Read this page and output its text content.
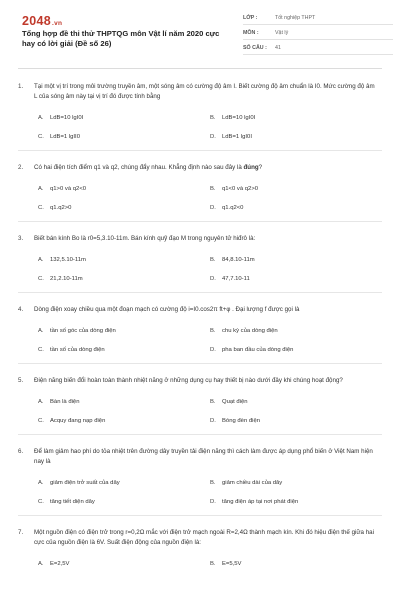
2048.vn
Tổng hợp đề thi thử THPTQG môn Vật lí năm 2020 cực hay có lời giải (Đề số 26)
LỚP :	Tốt nghiệp THPT
MÔN :	Vật lý
SỐ CÂU :	41
1.	Tại một vị trí trong môi trường truyền âm, một sóng âm có cường độ âm I. Biết cường độ âm chuẩn là I0. Mức cường độ âm L của sóng âm này tại vị trí đó được tính bằng
A.	LdB=10 lgI0I	B.	LdB=10 lgI0I
C.	LdB=1 lgII0	D.	LdB=1 lgI0I
2.	Có hai điện tích điểm q1 và q2, chúng đẩy nhau. Khẳng định nào sau đây là đúng?
A.	q1>0 và q2<0	B.	q1<0 và q2>0
C.	q1.q2>0	D.	q1.q2<0
3.	Biết bán kính Bo là r0=5,3.10-11m. Bán kính quỹ đạo M trong nguyên tử hiđrô là:
A.	132,5.10-11m	B.	84,8.10-11m
C.	21,2.10-11m	D.	47,7.10-11
4.	Dòng điện xoay chiều qua một đoạn mạch có cường độ i=I0.cos2π ft+φ . Đại lượng f được gọi là
A.	tần số góc của dòng điện	B.	chu kỳ của dòng điện
C.	tần số của dòng điện	D.	pha ban đầu của dòng điện
5.	Điện năng biến đổi hoàn toàn thành nhiệt năng ở những dụng cụ hay thiết bị nào dưới đây khi chúng hoạt động?
A.	Bàn là điện	B.	Quạt điện
C.	Acquy đang nạp điện	D.	Bóng đèn điện
6.	Để làm giảm hao phí do tỏa nhiệt trên đường dây truyền tải điện năng thì cách làm được áp dụng phổ biến ở Việt Nam hiện nay là
A.	giảm điện trở suất của dây	B.	giảm chiều dài của dây
C.	tăng tiết diện dây	D.	tăng điện áp tại nơi phát điện
7.	Một nguồn điện có điện trở trong r=0,2Ω mắc với điện trở mạch ngoài R=2,4Ω thành mạch kín. Khi đó hiệu điện thế giữa hai cực của nguồn điện là 6V. Suất điện động của nguồn điện là:
A.	E=2,5V	B.	E=5,5V
